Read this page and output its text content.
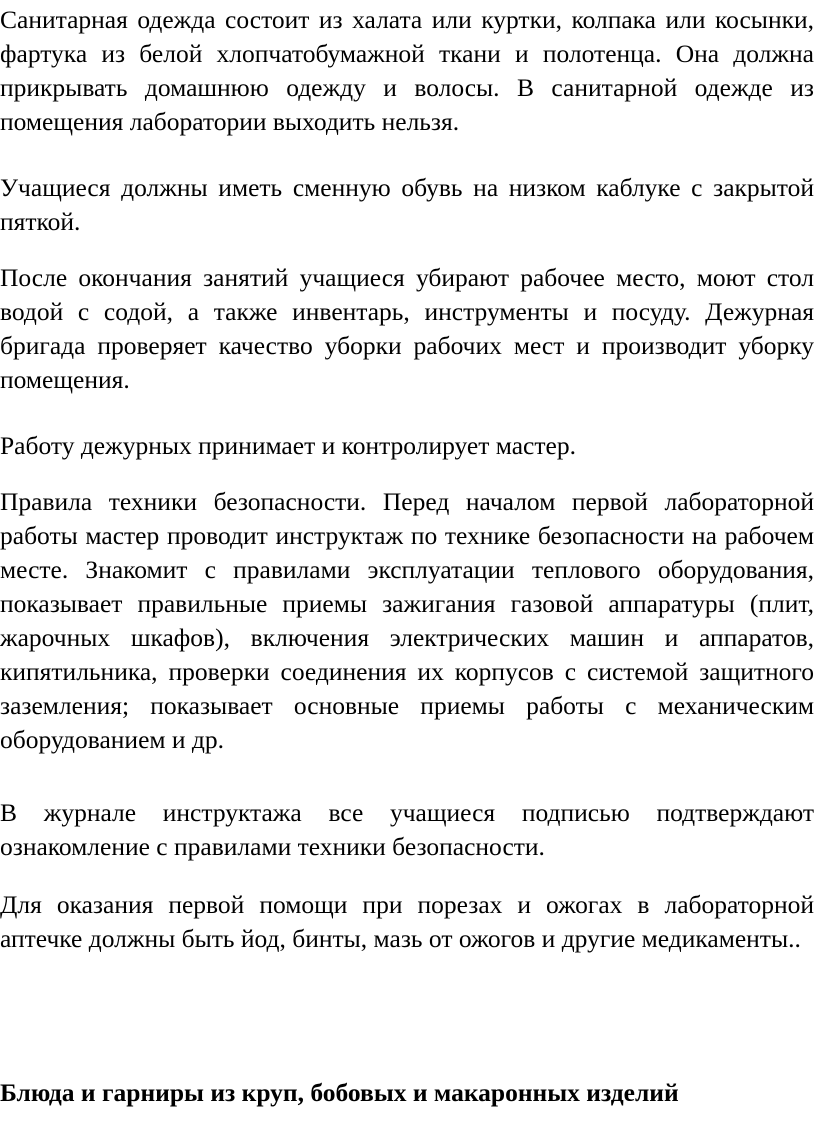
Санитарная одежда состоит из халата или куртки, колпака или косынки, фартука из белой хлопчатобумажной ткани и полотенца. Она должна прикрывать домашнюю одежду и волосы. В санитарной одежде из помещения лаборатории выходить нельзя.

Учащиеся должны иметь сменную обувь на низком каблуке с закрытой пяткой.

После окончания занятий учащиеся убирают рабочее место, моют стол водой с содой, а также инвентарь, инструменты и посуду. Дежурная бригада проверяет качество уборки рабочих мест и производит уборку помещения.

Работу дежурных принимает и контролирует мастер.

Правила техники безопасности. Перед началом первой лабораторной работы мастер проводит инструктаж по технике безопасности на рабочем месте. Знакомит с правилами эксплуатации теплового оборудования, показывает правильные приемы зажигания газовой аппаратуры (плит, жарочных шкафов), включения электрических машин и аппаратов, кипятильника, проверки соединения их корпусов с системой защитного заземления; показывает основные приемы работы с механическим оборудованием и др.

В журнале инструктажа все учащиеся подписью подтверждают ознакомление с правилами техники безопасности.

Для оказания первой помощи при порезах и ожогах в лабораторной аптечке должны быть йод, бинты, мазь от ожогов и другие медикаменты..

Блюда и гарниры из круп, бобовых и макаронных изделий
